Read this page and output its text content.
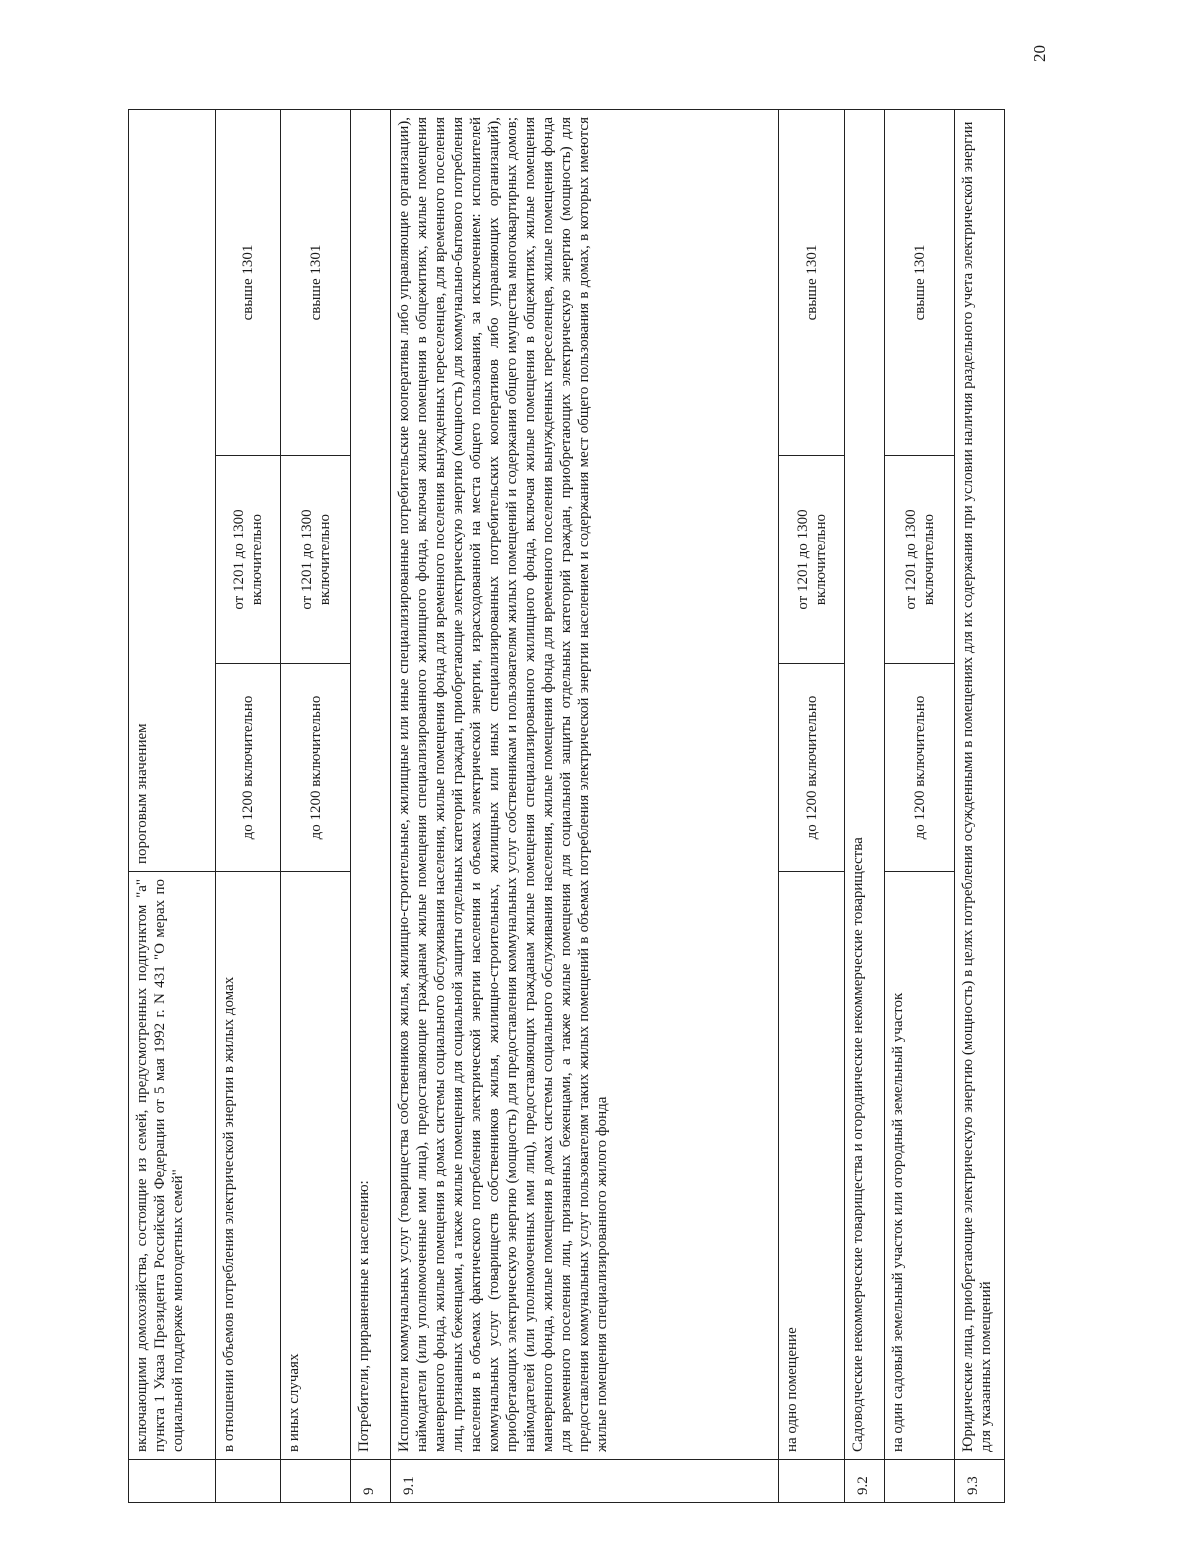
20
	включающими домохозяйства, состоящие из семей, предусмотренных подпунктом "а" пункта 1 Указа Президента Российской Федерации от 5 мая 1992 г. N 431 "О мерах по социальной поддержке многодетных семей"	пороговым значением		
	в отношении объемов потребления электрической энергии в жилых домах	до 1200 включительно	от 1201 до 1300 включительно	свыше 1301
	в иных случаях	до 1200 включительно	от 1201 до 1300 включительно	свыше 1301
9	Потребители, приравненные к населению:			
9.1	Исполнители коммунальных услуг (товарищества собственников жилья, жилищно-строительные, жилищные или иные специализированные потребительские кооперативы либо управляющие организации), наймодатели (или уполномоченные ими лица), предоставляющие гражданам жилые помещения специализированного жилищного фонда, включая жилые помещения в общежитиях, жилые помещения маневренного фонда, жилые помещения в домах системы социального обслуживания населения, жилые помещения фонда для временного поселения вынужденных переселенцев, для временного поселения лиц, признанных беженцами, а также жилые помещения для социальной защиты отдельных категорий граждан, приобретающие электрическую энергию (мощность) для коммунально-бытового потребления населения в объемах фактического потребления электрической энергии населения и объемах электрической энергии, израсходованной на места общего пользования, за исключением: исполнителей коммунальных услуг (товариществ собственников жилья, жилищно-строительных, жилищных или иных специализированных потребительских кооперативов либо управляющих организаций), приобретающих электрическую энергию (мощность) для предоставления коммунальных услуг собственникам и пользователям жилых помещений и содержания общего имущества многоквартирных домов; наймодателей (или уполномоченных ими лиц), предоставляющих гражданам жилые помещения специализированного жилищного фонда, включая жилые помещения в общежитиях, жилые помещения маневренного фонда, жилые помещения в домах системы социального обслуживания населения, жилые помещения фонда для временного поселения вынужденных переселенцев, жилые помещения фонда для временного поселения лиц, признанных беженцами, а также жилые помещения для социальной защиты отдельных категорий граждан, приобретающих электрическую энергию (мощность) для предоставления коммунальных услуг пользователям таких жилых помещений в объемах потребления электрической энергии населением и содержания мест общего пользования в домах, в которых имеются жилые помещения специализированного жилого фонда			
	на одно помещение	до 1200 включительно	от 1201 до 1300 включительно	свыше 1301
9.2	Садоводческие некоммерческие товарищества и огороднические некоммерческие товарищества			
	на один садовый земельный участок или огородный земельный участок	до 1200 включительно	от 1201 до 1300 включительно	свыше 1301
9.3	Юридические лица, приобретающие электрическую энергию (мощность) в целях потребления осужденными в помещениях для их содержания при условии наличия раздельного учета электрической энергии для указанных помещений			
